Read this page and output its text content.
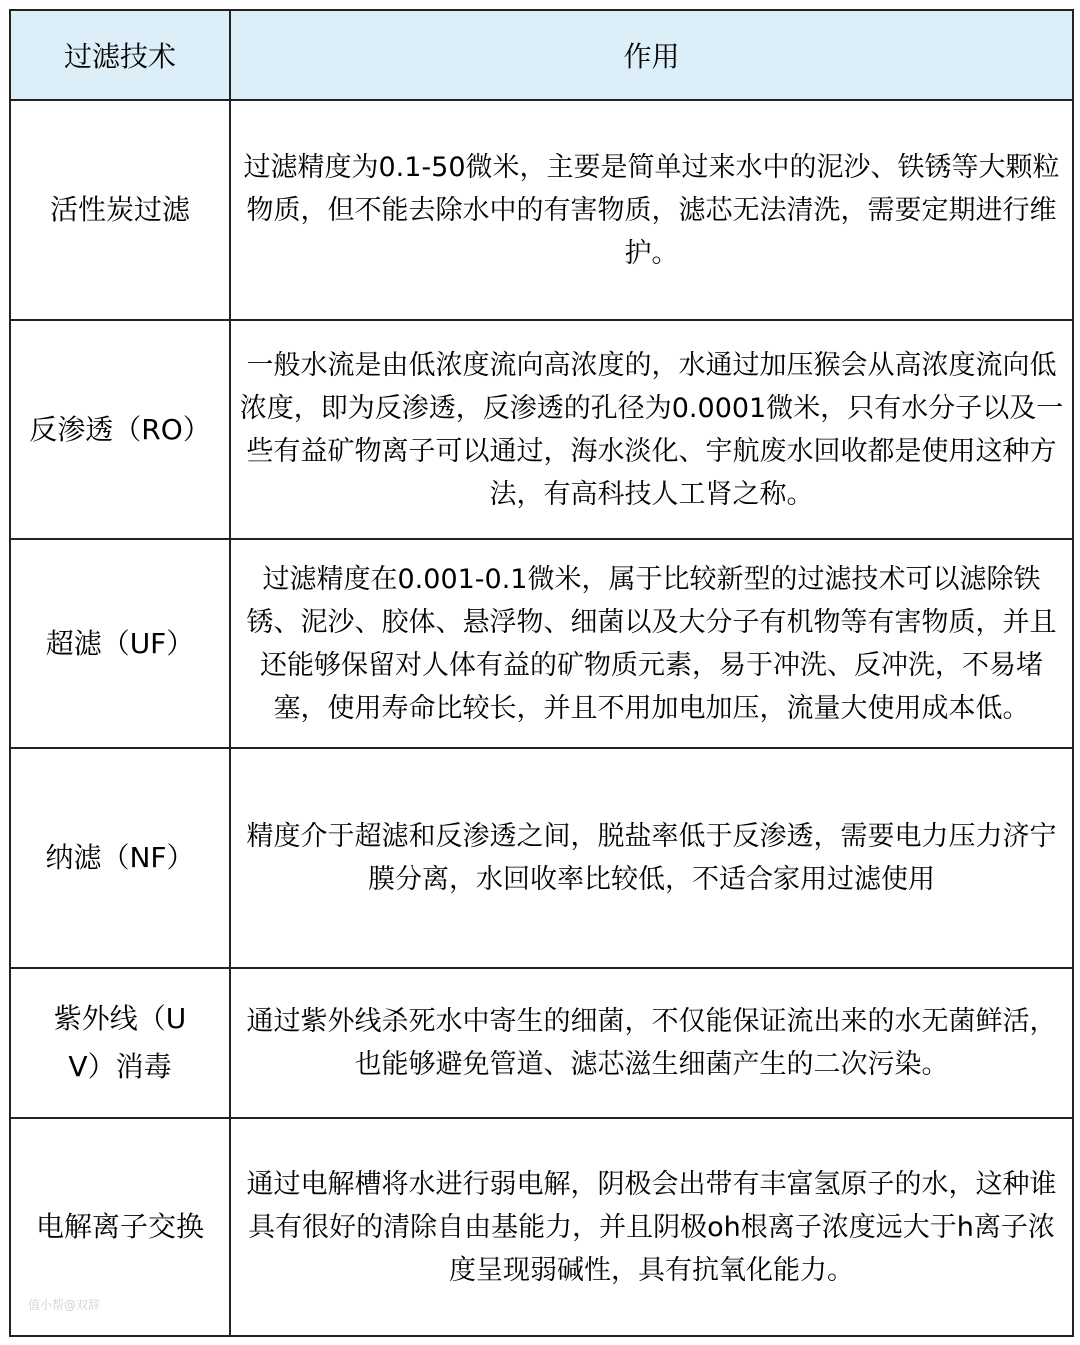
过滤技术	作用
活性炭过滤	过滤精度为0.1-50微米，主要是简单过来水中的泥沙、铁锈等大颗粒物质，但不能去除水中的有害物质，滤芯无法清洗，需要定期进行维护。
反渗透（RO）	一般水流是由低浓度流向高浓度的，水通过加压猴会从高浓度流向低浓度，即为反渗透，反渗透的孔径为0.0001微米，只有水分子以及一些有益矿物离子可以通过，海水淡化、宇航废水回收都是使用这种方法，有高科技人工肾之称。
超滤（UF）	过滤精度在0.001-0.1微米，属于比较新型的过滤技术可以滤除铁锈、泥沙、胶体、悬浮物、细菌以及大分子有机物等有害物质，并且还能够保留对人体有益的矿物质元素，易于冲洗、反冲洗，不易堵塞，使用寿命比较长，并且不用加电加压，流量大使用成本低。
纳滤（NF）	精度介于超滤和反渗透之间，脱盐率低于反渗透，需要电力压力济宁膜分离，水回收率比较低，不适合家用过滤使用
紫外线（UV）消毒	通过紫外线杀死水中寄生的细菌，不仅能保证流出来的水无菌鲜活，也能够避免管道、滤芯滋生细菌产生的二次污染。
电解离子交换	通过电解槽将水进行弱电解，阴极会出带有丰富氢原子的水，这种谁具有很好的清除自由基能力，并且阴极oh根离子浓度远大于h离子浓度呈现弱碱性，具有抗氧化能力。
值小帮@双辞
